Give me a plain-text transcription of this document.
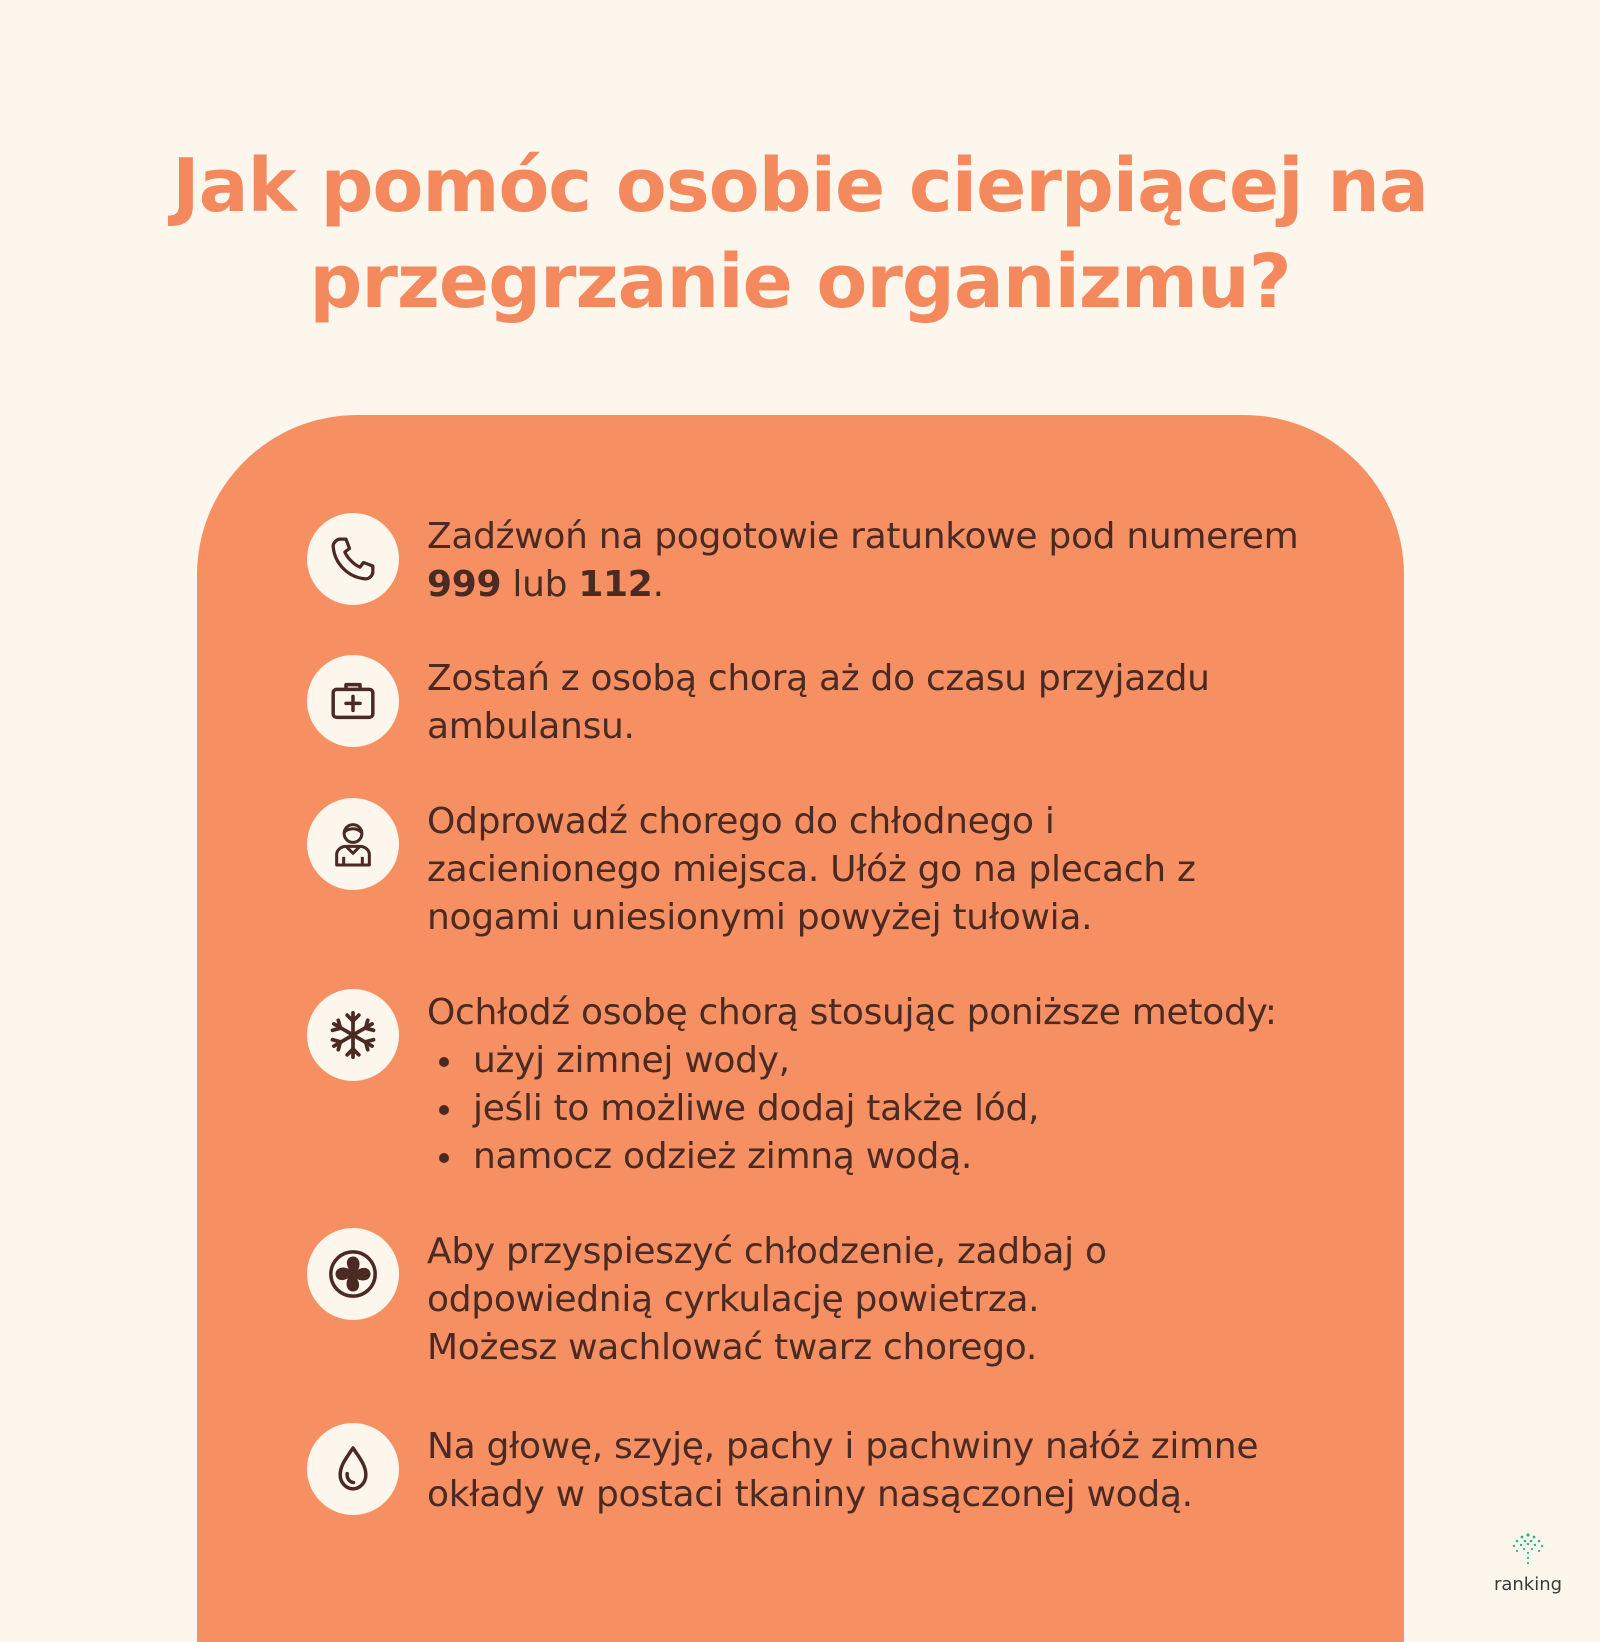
Jak pomóc osobie cierpiącej na
przegrzanie organizmu?
Zadźwoń na pogotowie ratunkowe pod numerem
999 lub 112.
Zostań z osobą chorą aż do czasu przyjazdu
ambulansu.
Odprowadź chorego do chłodnego i
zacienionego miejsca. Ułóż go na plecach z
nogami uniesionymi powyżej tułowia.
Ochłodź osobę chorą stosując poniższe metody:
użyj zimnej wody,
jeśli to możliwe dodaj także lód,
namocz odzież zimną wodą.
Aby przyspieszyć chłodzenie, zadbaj o
odpowiednią cyrkulację powietrza.
Możesz wachlować twarz chorego.
Na głowę, szyję, pachy i pachwiny nałóż zimne
okłady w postaci tkaniny nasączonej wodą.
ranking
